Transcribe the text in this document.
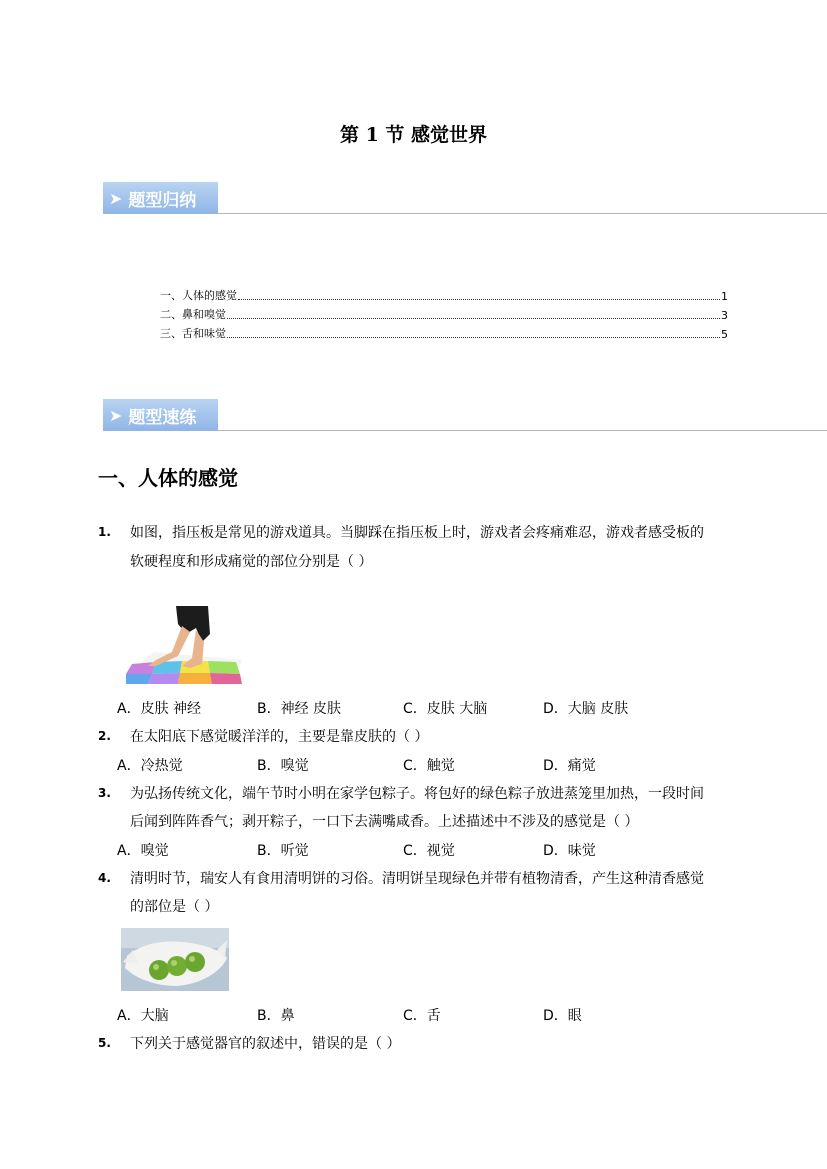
第 1 节 感觉世界
➤ 题型归纳
一、人体的感觉	1
二、鼻和嗅觉	3
三、舌和味觉	5
➤ 题型速练
一、人体的感觉
1. 如图，指压板是常见的游戏道具。当脚踩在指压板上时，游戏者会疼痛难忍，游戏者感受板的
软硬程度和形成痛觉的部位分别是（ ）
A．皮肤 神经	B．神经 皮肤	C．皮肤 大脑	D．大脑 皮肤
2. 在太阳底下感觉暖洋洋的，主要是靠皮肤的（ ）
A．冷热觉	B．嗅觉	C．触觉	D．痛觉
3. 为弘扬传统文化，端午节时小明在家学包粽子。将包好的绿色粽子放进蒸笼里加热，一段时间
后闻到阵阵香气；剥开粽子，一口下去满嘴咸香。上述描述中不涉及的感觉是（ ）
A．嗅觉	B．听觉	C．视觉	D．味觉
4. 清明时节，瑞安人有食用清明饼的习俗。清明饼呈现绿色并带有植物清香，产生这种清香感觉
的部位是（ ）
A．大脑	B．鼻	C．舌	D．眼
5. 下列关于感觉器官的叙述中，错误的是（ ）
